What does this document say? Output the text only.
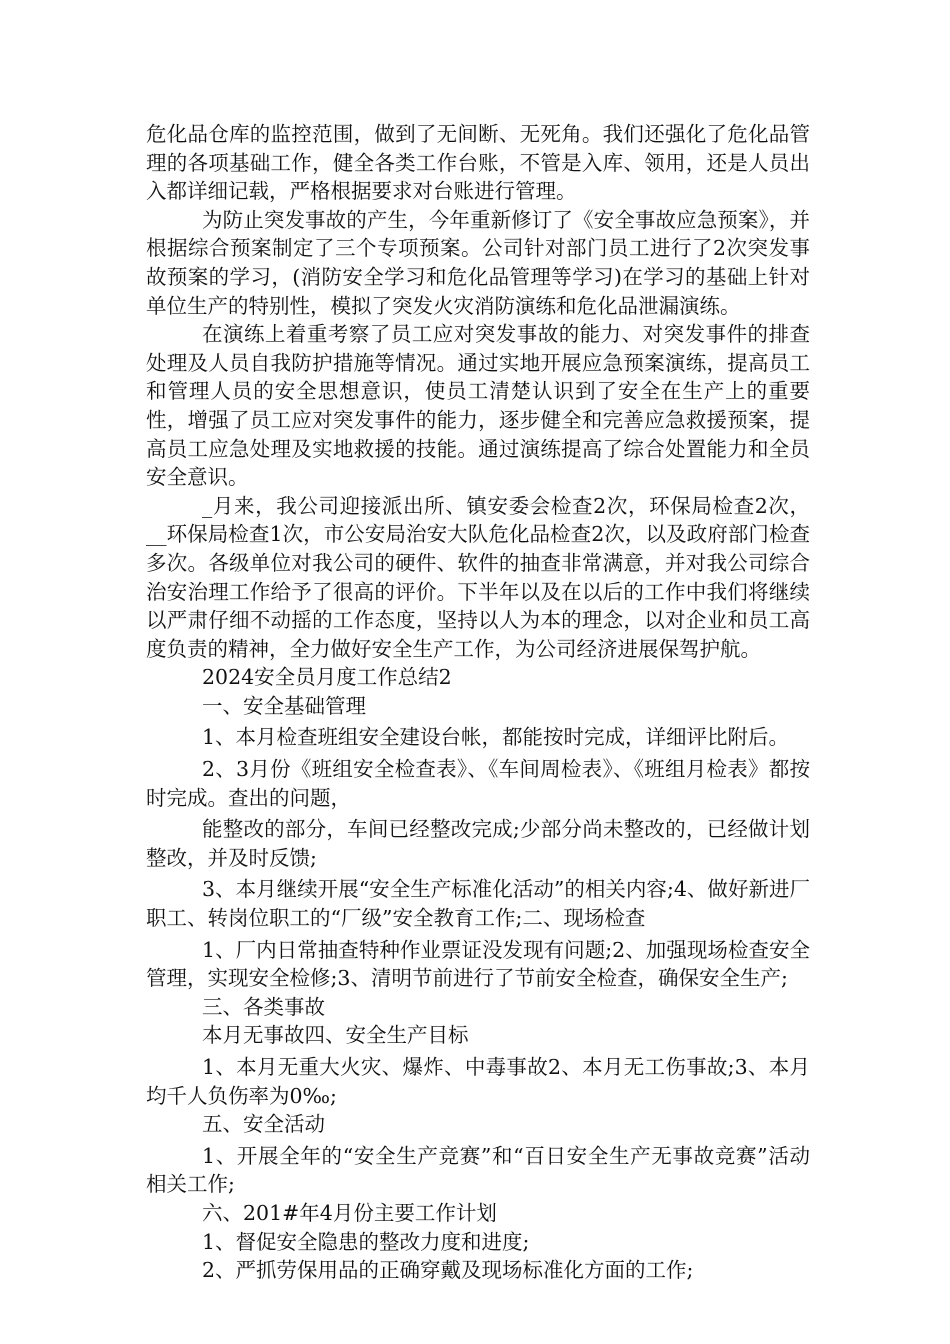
危化品仓库的监控范围，做到了无间断、无死角。我们还强化了危化品管理的各项基础工作，健全各类工作台账，不管是入库、领用，还是人员出入都详细记载，严格根据要求对台账进行管理。

为防止突发事故的产生，今年重新修订了《安全事故应急预案》，并根据综合预案制定了三个专项预案。公司针对部门员工进行了2次突发事故预案的学习，(消防安全学习和危化品管理等学习)在学习的基础上针对单位生产的特别性，模拟了突发火灾消防演练和危化品泄漏演练。

在演练上着重考察了员工应对突发事故的能力、对突发事件的排查处理及人员自我防护措施等情况。通过实地开展应急预案演练，提高员工和管理人员的安全思想意识，使员工清楚认识到了安全在生产上的重要性，增强了员工应对突发事件的能力，逐步健全和完善应急救援预案，提高员工应急处理及实地救援的技能。通过演练提高了综合处置能力和全员安全意识。

_月来，我公司迎接派出所、镇安委会检查2次，环保局检查2次，__环保局检查1次，市公安局治安大队危化品检查2次，以及政府部门检查多次。各级单位对我公司的硬件、软件的抽查非常满意，并对我公司综合治安治理工作给予了很高的评价。下半年以及在以后的工作中我们将继续以严肃仔细不动摇的工作态度，坚持以人为本的理念，以对企业和员工高度负责的精神，全力做好安全生产工作，为公司经济进展保驾护航。

2024安全员月度工作总结2

一、安全基础管理

1、本月检查班组安全建设台帐，都能按时完成，详细评比附后。

2、3月份《班组安全检查表》、《车间周检表》、《班组月检表》都按时完成。查出的问题，

能整改的部分，车间已经整改完成;少部分尚未整改的，已经做计划整改，并及时反馈;

3、本月继续开展“安全生产标准化活动”的相关内容;4、做好新进厂职工、转岗位职工的“厂级”安全教育工作;二、现场检查

1、厂内日常抽查特种作业票证没发现有问题;2、加强现场检查安全管理，实现安全检修;3、清明节前进行了节前安全检查，确保安全生产;

三、各类事故

本月无事故四、安全生产目标

1、本月无重大火灾、爆炸、中毒事故2、本月无工伤事故;3、本月均千人负伤率为0‰;

五、安全活动

1、开展全年的“安全生产竞赛”和“百日安全生产无事故竞赛”活动相关工作;

六、201#年4月份主要工作计划

1、督促安全隐患的整改力度和进度;

2、严抓劳保用品的正确穿戴及现场标准化方面的工作;
